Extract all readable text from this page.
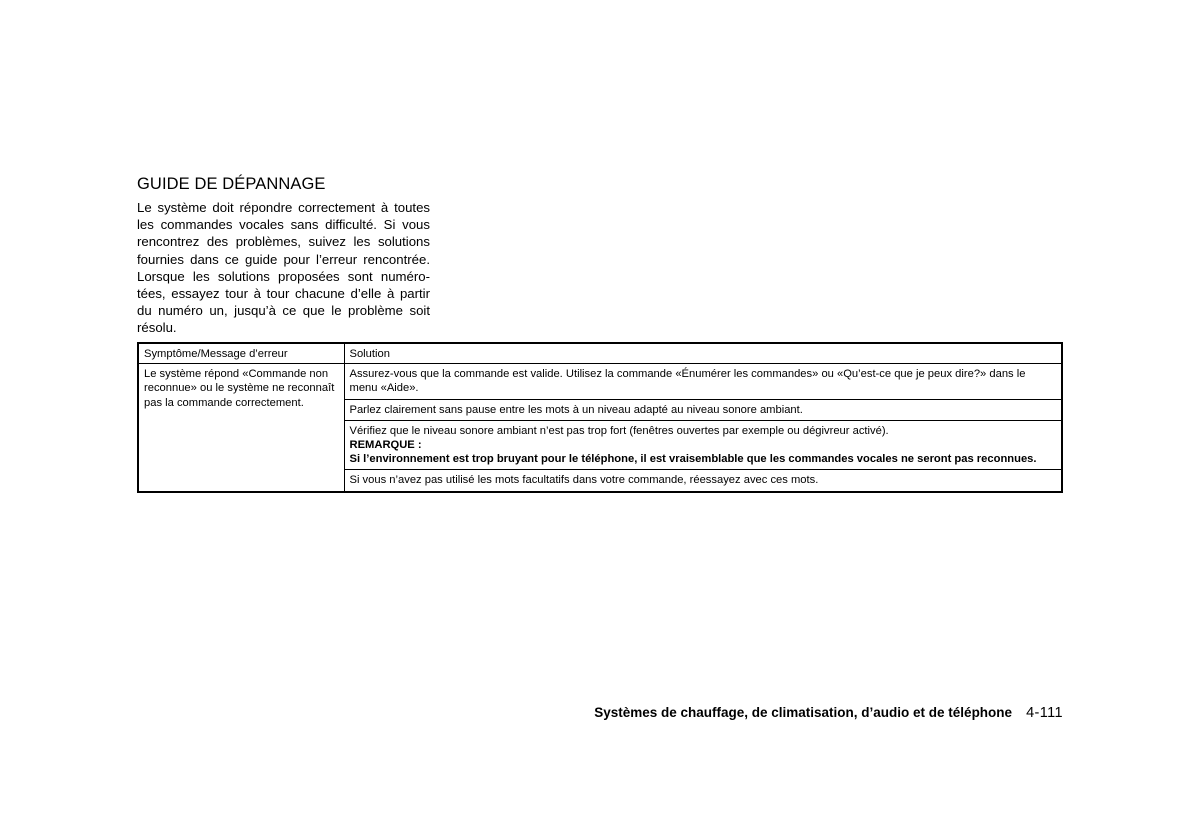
GUIDE DE DÉPANNAGE

Le système doit répondre correctement à toutes les commandes vocales sans difficulté. Si vous rencontrez des problèmes, suivez les solutions fournies dans ce guide pour l’erreur rencontrée. Lorsque les solutions proposées sont numérotées, essayez tour à tour chacune d’elle à partir du numéro un, jusqu’à ce que le problème soit résolu.

Symptôme/Message d’erreur	Solution
Le système répond «Commande non reconnue» ou le système ne reconnaît pas la commande correctement.	Assurez-vous que la commande est valide. Utilisez la commande «Énumérer les commandes» ou «Qu’est-ce que je peux dire?» dans le menu «Aide».
	Parlez clairement sans pause entre les mots à un niveau adapté au niveau sonore ambiant.
	Vérifiez que le niveau sonore ambiant n’est pas trop fort (fenêtres ouvertes par exemple ou dégivreur activé).
REMARQUE :
Si l’environnement est trop bruyant pour le téléphone, il est vraisemblable que les commandes vocales ne seront pas reconnues.

	Si vous n’avez pas utilisé les mots facultatifs dans votre commande, réessayez avec ces mots.
Systèmes de chauffage, de climatisation, d’audio et de téléphone 4-111
